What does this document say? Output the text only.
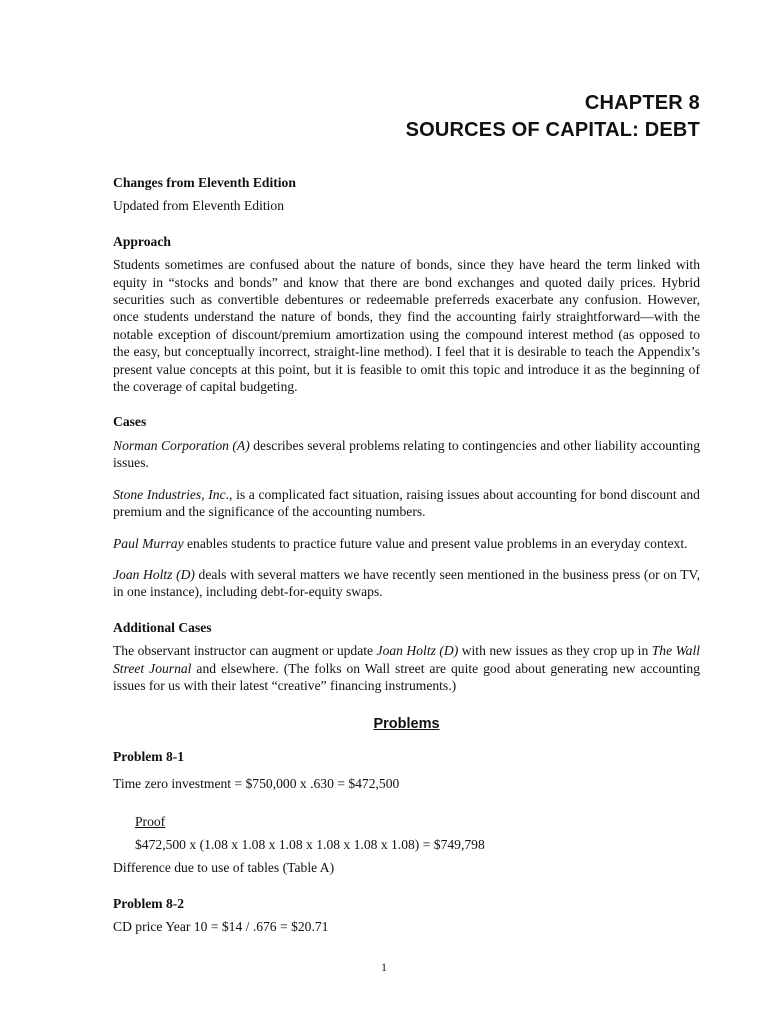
CHAPTER 8
SOURCES OF CAPITAL: DEBT

Changes from Eleventh Edition

Updated from Eleventh Edition

Approach

Students sometimes are confused about the nature of bonds, since they have heard the term linked with equity in “stocks and bonds” and know that there are bond exchanges and quoted daily prices. Hybrid securities such as convertible debentures or redeemable preferreds exacerbate any confusion. However, once students understand the nature of bonds, they find the accounting fairly straightforward—with the notable exception of discount/premium amortization using the compound interest method (as opposed to the easy, but conceptually incorrect, straight-line method). I feel that it is desirable to teach the Appendix’s present value concepts at this point, but it is feasible to omit this topic and introduce it as the beginning of the coverage of capital budgeting.

Cases

Norman Corporation (A) describes several problems relating to contingencies and other liability accounting issues.

Stone Industries, Inc., is a complicated fact situation, raising issues about accounting for bond discount and premium and the significance of the accounting numbers.

Paul Murray enables students to practice future value and present value problems in an everyday context.

Joan Holtz (D) deals with several matters we have recently seen mentioned in the business press (or on TV, in one instance), including debt-for-equity swaps.

Additional Cases

The observant instructor can augment or update Joan Holtz (D) with new issues as they crop up in The Wall Street Journal and elsewhere. (The folks on Wall street are quite good about generating new accounting issues for us with their latest “creative” financing instruments.)

Problems

Problem 8-1

Time zero investment = $750,000 x .630 = $472,500

Proof

$472,500 x (1.08 x 1.08 x 1.08 x 1.08 x 1.08 x 1.08) = $749,798

Difference due to use of tables (Table A)

Problem 8-2

CD price Year 10 = $14 / .676 = $20.71

1
